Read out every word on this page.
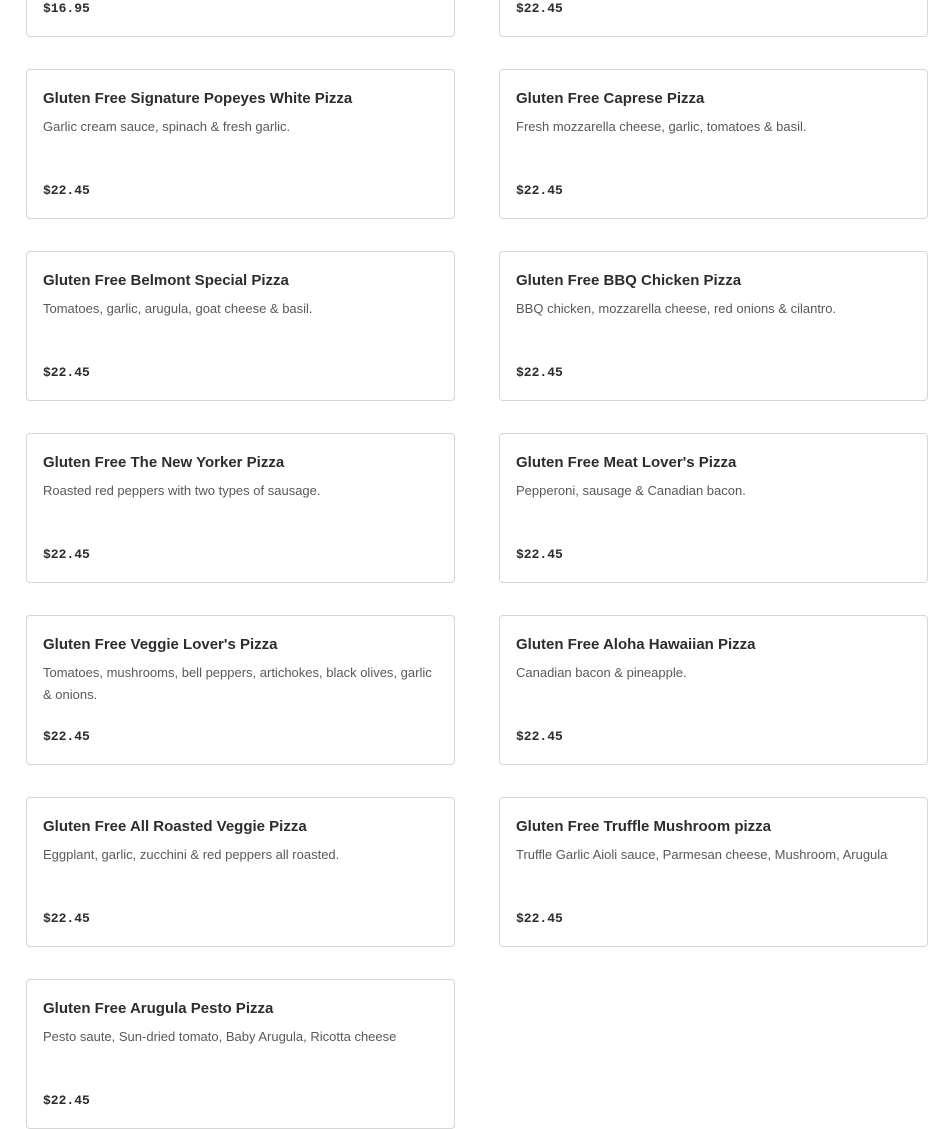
$16.95	$22.45
Gluten Free Signature Popeyes White Pizza
Garlic cream sauce, spinach & fresh garlic.
$22.45
Gluten Free Caprese Pizza
Fresh mozzarella cheese, garlic, tomatoes & basil.
$22.45
Gluten Free Belmont Special Pizza
Tomatoes, garlic, arugula, goat cheese & basil.
$22.45
Gluten Free BBQ Chicken Pizza
BBQ chicken, mozzarella cheese, red onions & cilantro.
$22.45
Gluten Free The New Yorker Pizza
Roasted red peppers with two types of sausage.
$22.45
Gluten Free Meat Lover's Pizza
Pepperoni, sausage & Canadian bacon.
$22.45
Gluten Free Veggie Lover's Pizza
Tomatoes, mushrooms, bell peppers, artichokes, black olives, garlic & onions.
$22.45
Gluten Free Aloha Hawaiian Pizza
Canadian bacon & pineapple.
$22.45
Gluten Free All Roasted Veggie Pizza
Eggplant, garlic, zucchini & red peppers all roasted.
$22.45
Gluten Free Truffle Mushroom pizza
Truffle Garlic Aioli sauce, Parmesan cheese, Mushroom, Arugula
$22.45
Gluten Free Arugula Pesto Pizza
Pesto saute, Sun-dried tomato, Baby Arugula, Ricotta cheese
$22.45
